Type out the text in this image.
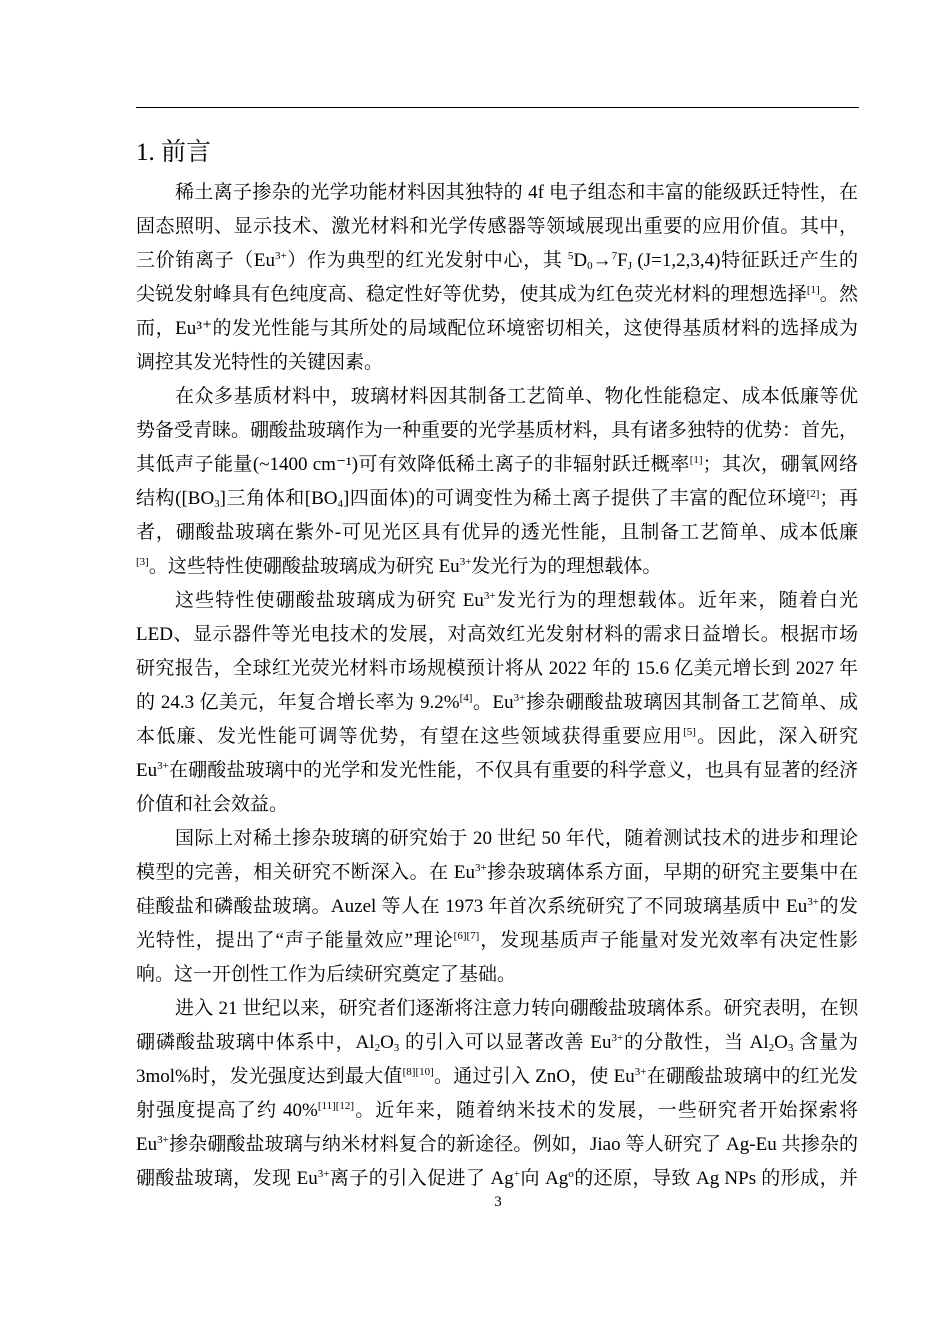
1. 前言
稀土离子掺杂的光学功能材料因其独特的 4f 电子组态和丰富的能级跃迁特性，在
固态照明、显示技术、激光材料和光学传感器等领域展现出重要的应用价值。其中，
三价铕离子$(Eu^{3+})$作为典型的红光发射中心，其 $^5D_0\to^7F_J$ (J=1,2,3,4)特征跃迁产生的
尖锐发射峰具有色纯度高、稳定性好等优势，使其成为红色荧光材料的理想选择[1]。然
而，Eu³⁺的发光性能与其所处的局域配位环境密切相关，这使得基质材料的选择成为
调控其发光特性的关键因素。
在众多基质材料中，玻璃材料因其制备工艺简单、物化性能稳定、成本低廉等优
势备受青睐。硼酸盐玻璃作为一种重要的光学基质材料，具有诸多独特的优势：首先，
其低声子能量(~1400 cm⁻¹)可有效降低稀土离子的非辐射跃迁概率[1]；其次，硼氧网络
结构($[BO_3]$三角体和$[BO_4]$四面体)的可调变性为稀土离子提供了丰富的配位环境[2]；再
者，硼酸盐玻璃在紫外-可见光区具有优异的透光性能，且制备工艺简单、成本低廉
[3]。这些特性使硼酸盐玻璃成为研究 $Eu^{3+}$发光行为的理想载体。
这些特性使硼酸盐玻璃成为研究 $Eu^{3+}$发光行为的理想载体。近年来，随着白光
LED、显示器件等光电技术的发展，对高效红光发射材料的需求日益增长。根据市场
研究报告，全球红光荧光材料市场规模预计将从 2022 年的 15.6 亿美元增长到 2027 年
的 24.3 亿美元，年复合增长率为 9.2%[4]。$Eu^{3+}$掺杂硼酸盐玻璃因其制备工艺简单、成
本低廉、发光性能可调等优势，有望在这些领域获得重要应用[5]。因此，深入研究
$Eu^{3+}$在硼酸盐玻璃中的光学和发光性能，不仅具有重要的科学意义，也具有显著的经济
价值和社会效益。
国际上对稀土掺杂玻璃的研究始于 20 世纪 50 年代，随着测试技术的进步和理论
模型的完善，相关研究不断深入。在 $Eu^{3+}$掺杂玻璃体系方面，早期的研究主要集中在
硅酸盐和磷酸盐玻璃。Auzel 等人在 1973 年首次系统研究了不同玻璃基质中 $Eu^{3+}$的发
光特性，提出了“声子能量效应”理论[6][7]，发现基质声子能量对发光效率有决定性影
响。这一开创性工作为后续研究奠定了基础。
进入 21 世纪以来，研究者们逐渐将注意力转向硼酸盐玻璃体系。研究表明，在钡
硼磷酸盐玻璃中体系中，$Al_2O_3$ 的引入可以显著改善 $Eu^{3+}$的分散性，当 $Al_2O_3$ 含量为
3mol%时，发光强度达到最大值[8][10]。通过引入 ZnO，使 $Eu^{3+}$在硼酸盐玻璃中的红光发
射强度提高了约 40%[11][12]。近年来，随着纳米技术的发展，一些研究者开始探索将
$Eu^{3+}$掺杂硼酸盐玻璃与纳米材料复合的新途径。例如，Jiao 等人研究了 Ag-Eu 共掺杂的
硼酸盐玻璃，发现 $Eu^{3+}$离子的引入促进了 Ag+向 Ag$^o$的还原，导致 Ag NPs 的形成，并
3
